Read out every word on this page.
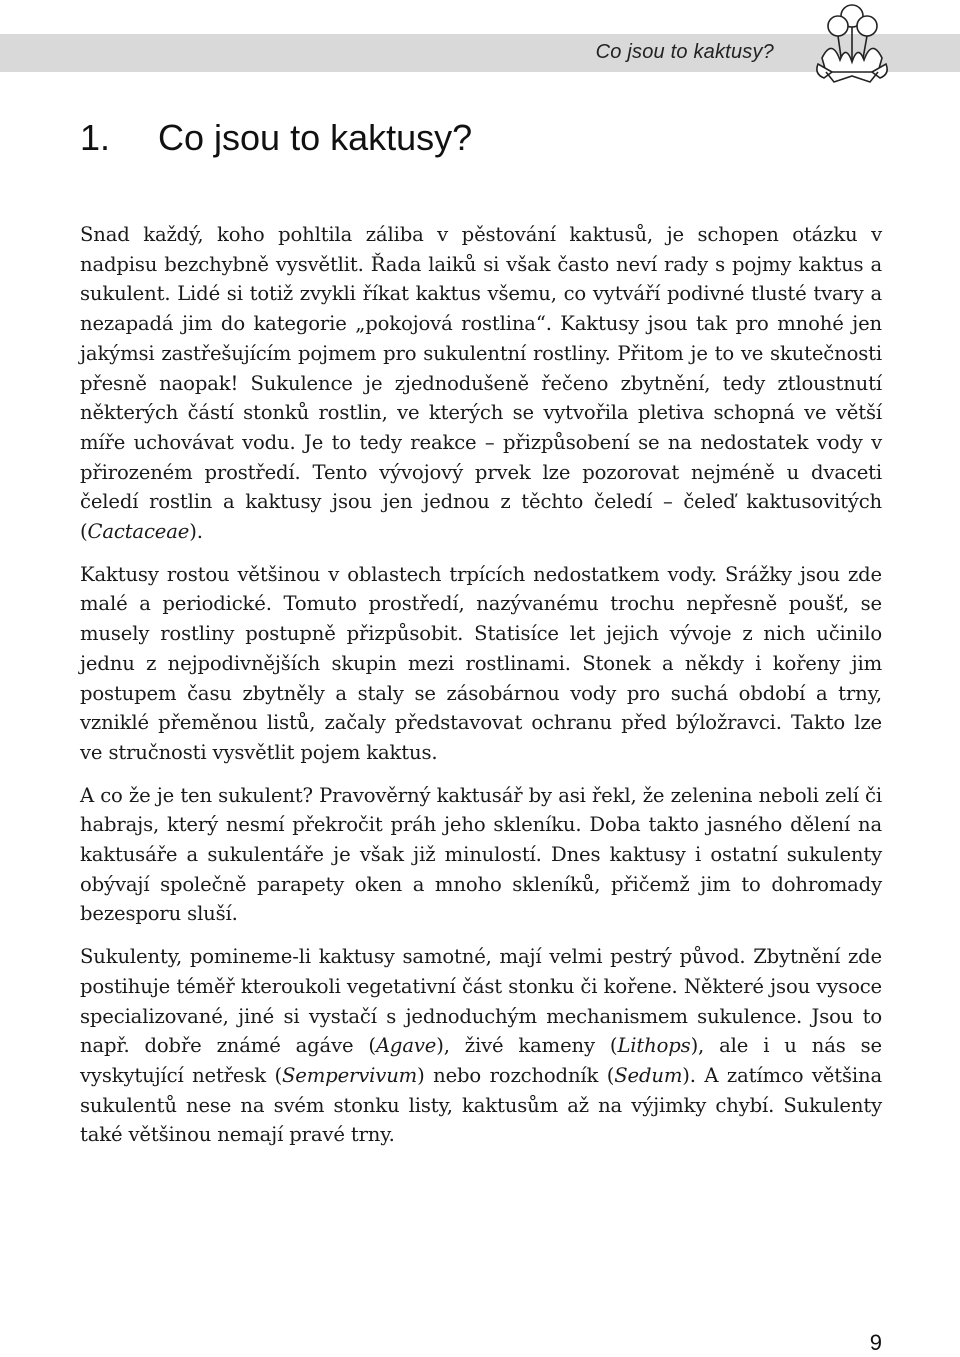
Co jsou to kaktusy?
1. Co jsou to kaktusy?

Snad každý, koho pohltila záliba v pěstování kaktusů, je schopen otázku v nadpisu bezchybně vysvětlit. Řada laiků si však často neví rady s pojmy kaktus a sukulent. Lidé si totiž zvykli říkat kaktus všemu, co vytváří podivné tlusté tvary a nezapadá jim do kategorie „pokojová rostlina“. Kaktusy jsou tak pro mnohé jen jakýmsi zastřešujícím pojmem pro sukulentní rostliny. Přitom je to ve skutečnosti přesně naopak! Sukulence je zjednodušeně řečeno zbytnění, tedy ztloustnutí některých částí stonků rostlin, ve kterých se vytvořila pletiva schopná ve větší míře uchovávat vodu. Je to tedy reakce – přizpůsobení se na nedostatek vody v přirozeném prostředí. Tento vývojový prvek lze pozorovat nejméně u dvaceti čeledí rostlin a kaktusy jsou jen jednou z těchto čeledí – čeleď kaktusovitých (Cactaceae).

Kaktusy rostou většinou v oblastech trpících nedostatkem vody. Srážky jsou zde malé a periodické. Tomuto prostředí, nazývanému trochu nepřesně poušť, se musely rostliny postupně přizpůsobit. Statisíce let jejich vývoje z nich učinilo jednu z nejpodivnějších skupin mezi rostlinami. Stonek a někdy i kořeny jim postupem času zbytněly a staly se zásobárnou vody pro suchá období a trny, vzniklé přeměnou listů, začaly představovat ochranu před býložravci. Takto lze ve stručnosti vysvětlit pojem kaktus.

A co že je ten sukulent? Pravověrný kaktusář by asi řekl, že zelenina neboli zelí či habrajs, který nesmí překročit práh jeho skleníku. Doba takto jasného dělení na kaktusáře a sukulentáře je však již minulostí. Dnes kaktusy i ostatní sukulenty obývají společně parapety oken a mnoho skleníků, přičemž jim to dohromady bezesporu sluší.

Sukulenty, pomineme-li kaktusy samotné, mají velmi pestrý původ. Zbytnění zde postihuje téměř kteroukoli vegetativní část stonku či kořene. Některé jsou vysoce specializované, jiné si vystačí s jednoduchým mechanismem sukulence. Jsou to např. dobře známé agáve (Agave), živé kameny (Lithops), ale i u nás se vyskytující netřesk (Sempervivum) nebo rozchodník (Sedum). A zatímco většina sukulentů nese na svém stonku listy, kaktusům až na výjimky chybí. Sukulenty také většinou nemají pravé trny.

9
